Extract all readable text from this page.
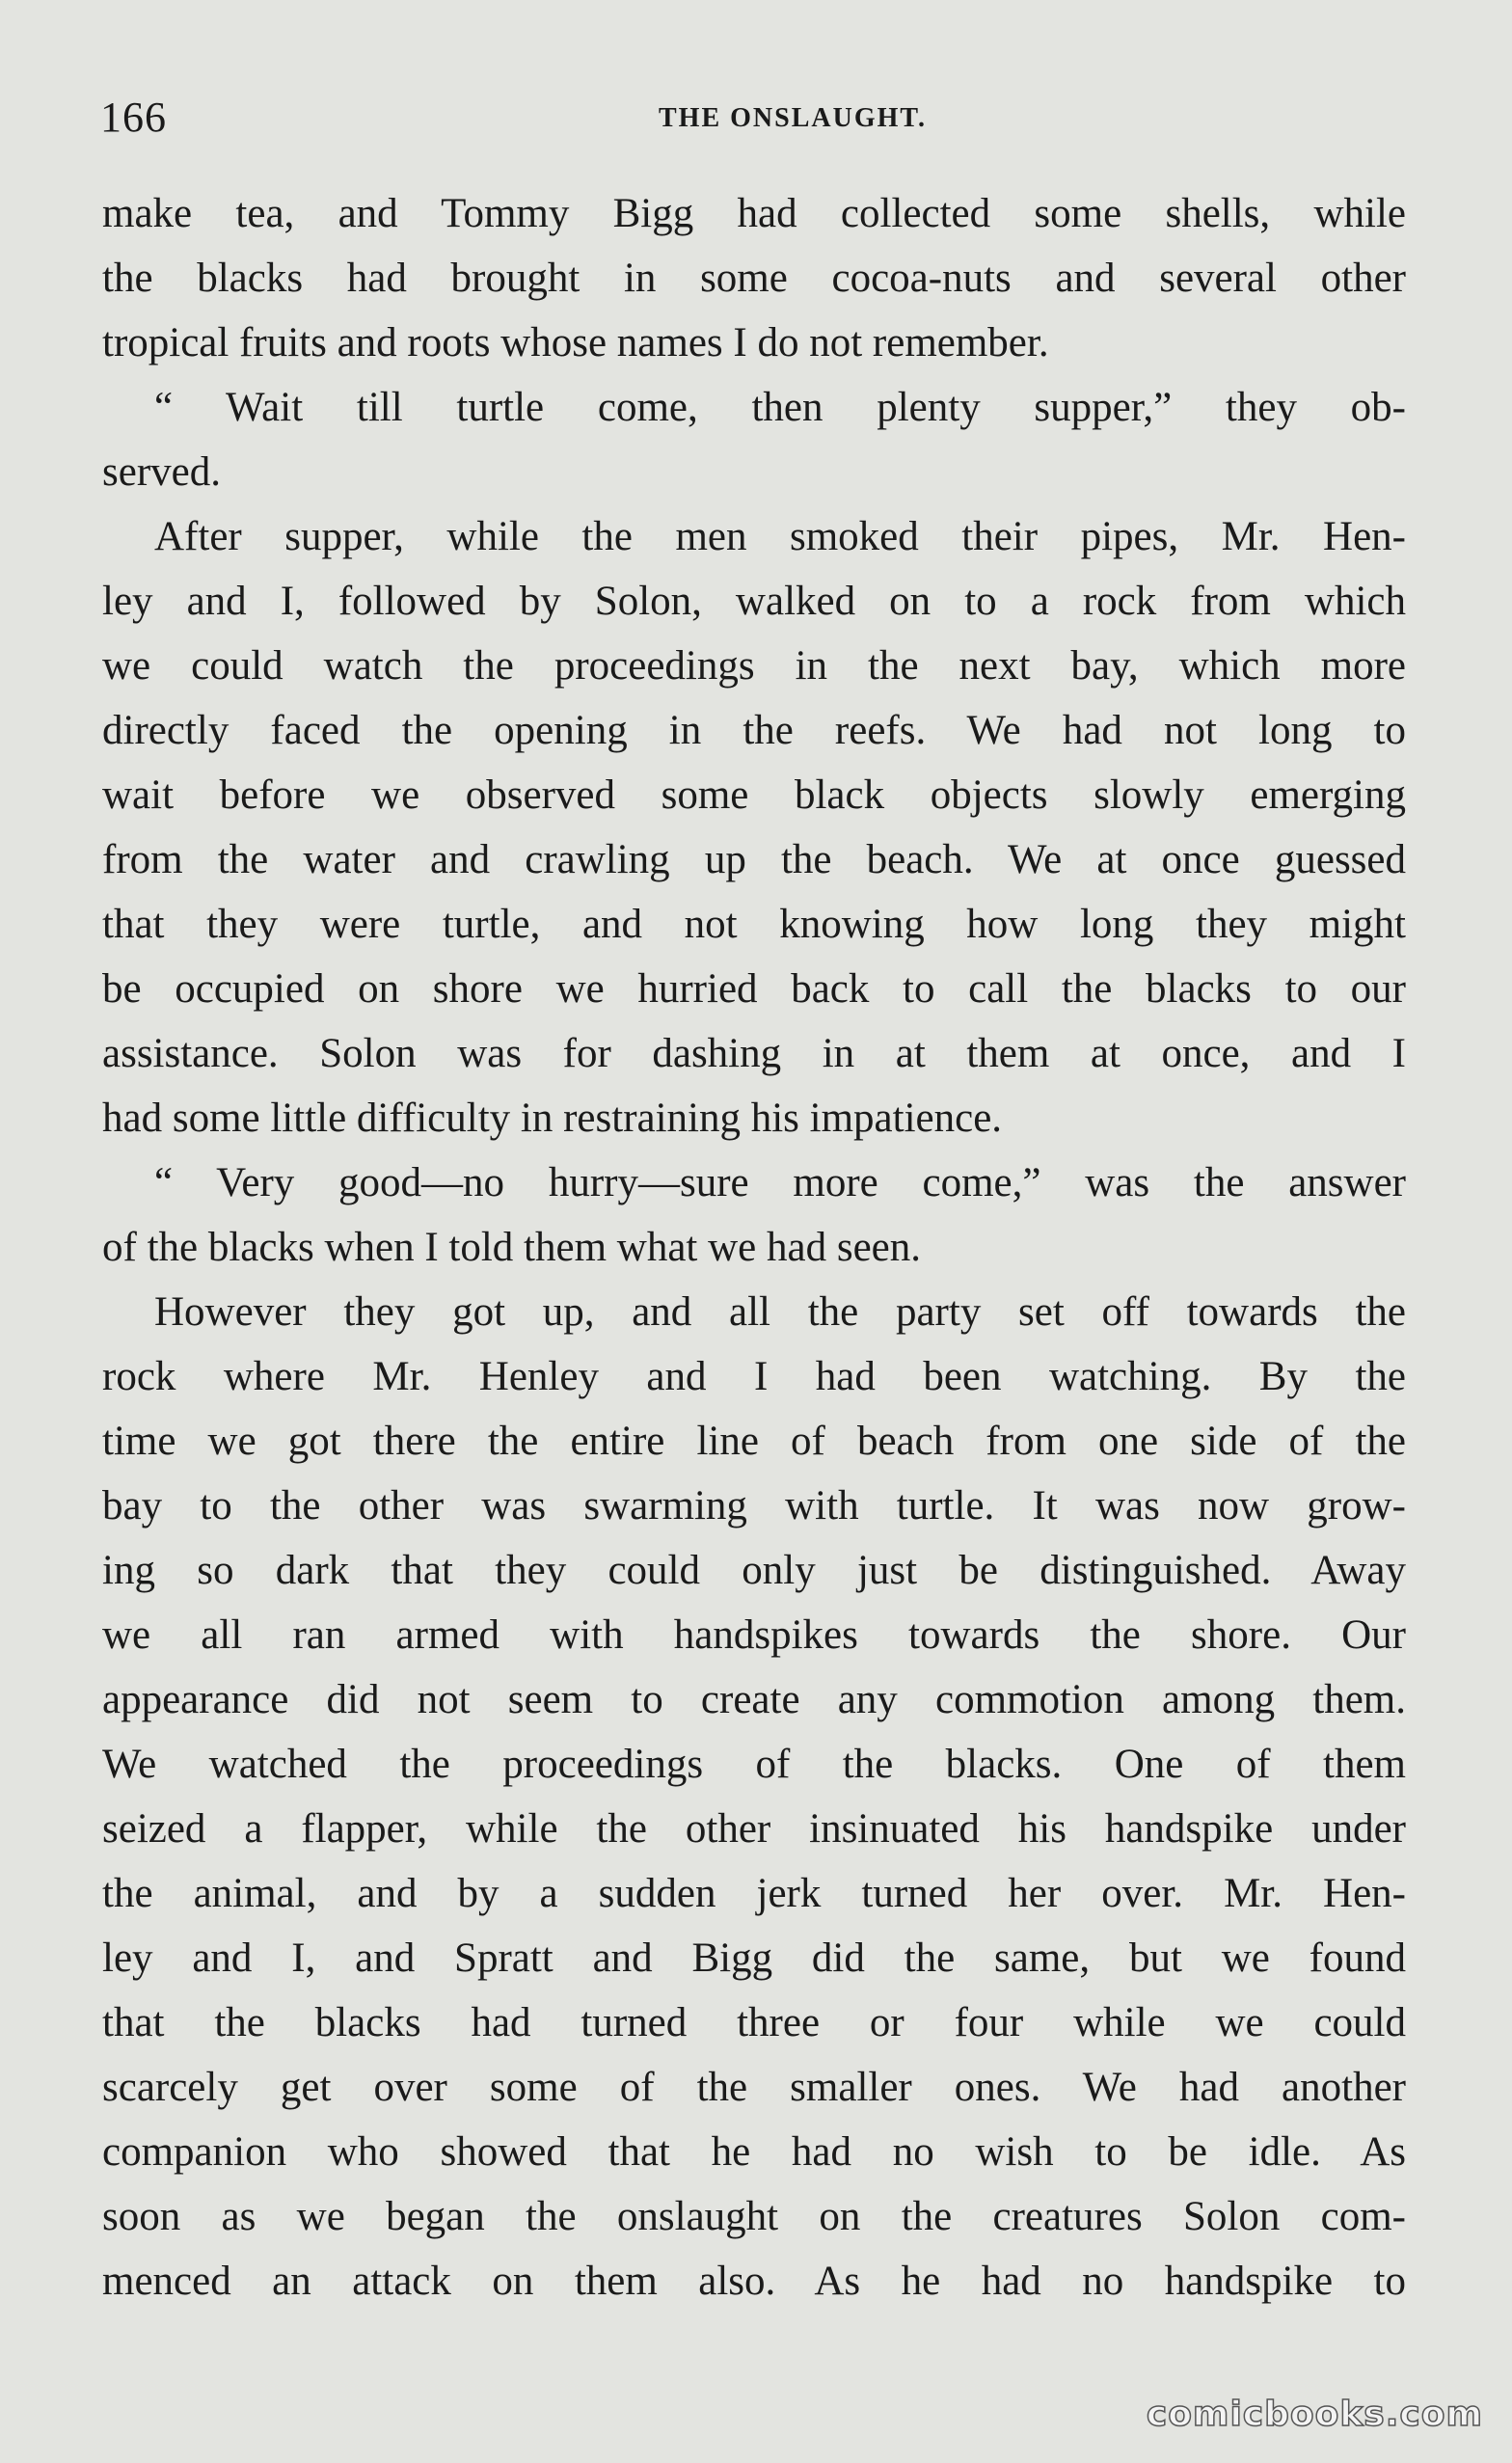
166	THE ONSLAUGHT.
make tea, and Tommy Bigg had collected some shells, while
the blacks had brought in some cocoa-nuts and several other
tropical fruits and roots whose names I do not remember.
“ Wait till turtle come, then plenty supper,” they ob-
served.
After supper, while the men smoked their pipes, Mr. Hen-
ley and I, followed by Solon, walked on to a rock from which
we could watch the proceedings in the next bay, which more
directly faced the opening in the reefs. We had not long to
wait before we observed some black objects slowly emerging
from the water and crawling up the beach. We at once guessed
that they were turtle, and not knowing how long they might
be occupied on shore we hurried back to call the blacks to our
assistance. Solon was for dashing in at them at once, and I
had some little difficulty in restraining his impatience.
“ Very good—no hurry—sure more come,” was the answer
of the blacks when I told them what we had seen.
However they got up, and all the party set off towards the
rock where Mr. Henley and I had been watching. By the
time we got there the entire line of beach from one side of the
bay to the other was swarming with turtle. It was now grow-
ing so dark that they could only just be distinguished. Away
we all ran armed with handspikes towards the shore. Our
appearance did not seem to create any commotion among them.
We watched the proceedings of the blacks. One of them
seized a flapper, while the other insinuated his handspike under
the animal, and by a sudden jerk turned her over. Mr. Hen-
ley and I, and Spratt and Bigg did the same, but we found
that the blacks had turned three or four while we could
scarcely get over some of the smaller ones. We had another
companion who showed that he had no wish to be idle. As
soon as we began the onslaught on the creatures Solon com-
menced an attack on them also. As he had no handspike to
comicbooks.com
